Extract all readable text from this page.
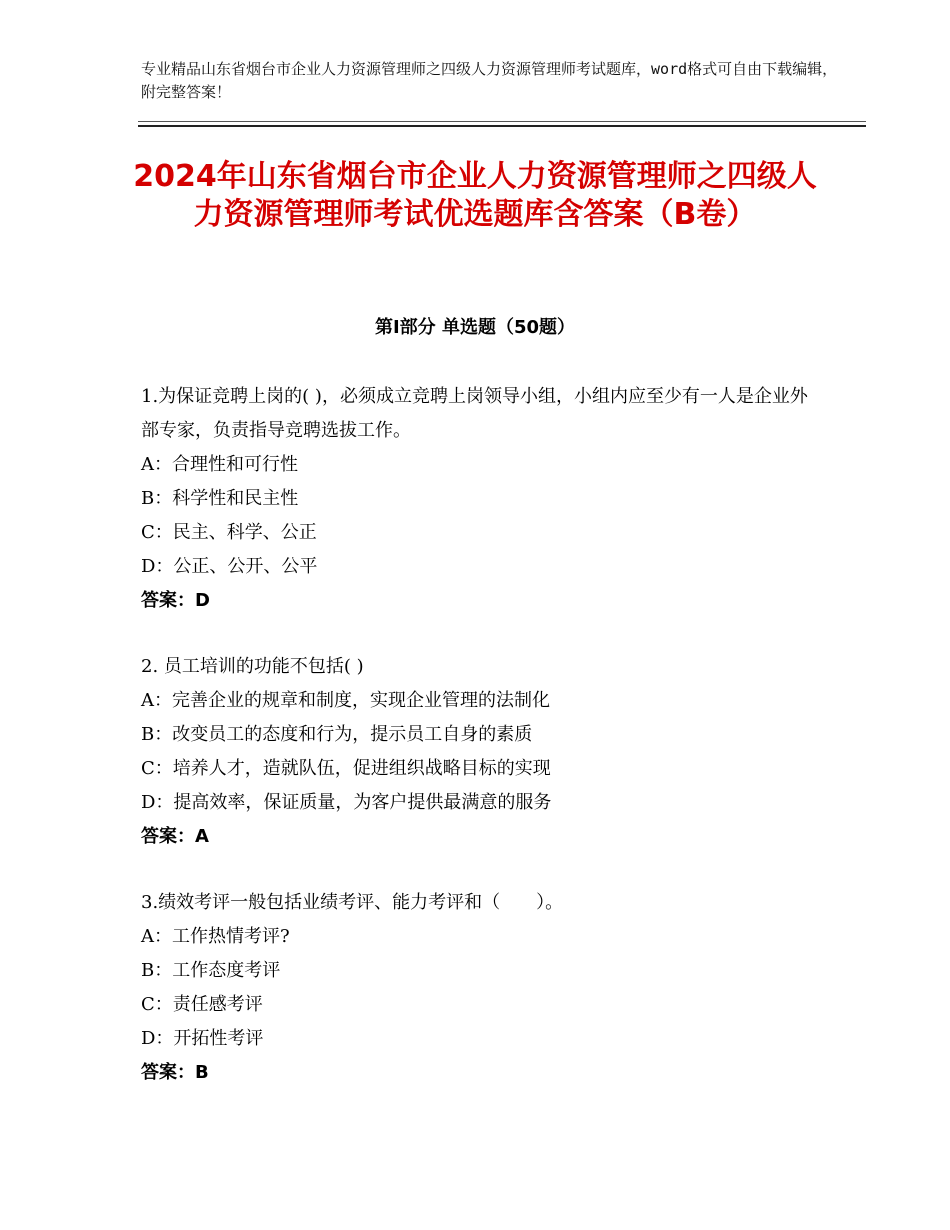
专业精品山东省烟台市企业人力资源管理师之四级人力资源管理师考试题库，word格式可自由下载编辑，附完整答案！
2024年山东省烟台市企业人力资源管理师之四级人力资源管理师考试优选题库含答案（B卷）
第Ⅰ部分 单选题（50题）
1.为保证竞聘上岗的( )，必须成立竞聘上岗领导小组，小组内应至少有一人是企业外部专家，负责指导竞聘选拔工作。
A：合理性和可行性
B：科学性和民主性
C：民主、科学、公正
D：公正、公开、公平
答案：D
2. 员工培训的功能不包括( )
A：完善企业的规章和制度，实现企业管理的法制化
B：改变员工的态度和行为，提示员工自身的素质
C：培养人才，造就队伍，促进组织战略目标的实现
D：提高效率，保证质量，为客户提供最满意的服务
答案：A
3.绩效考评一般包括业绩考评、能力考评和（　　）。
A：工作热情考评?
B：工作态度考评
C：责任感考评
D：开拓性考评
答案：B
